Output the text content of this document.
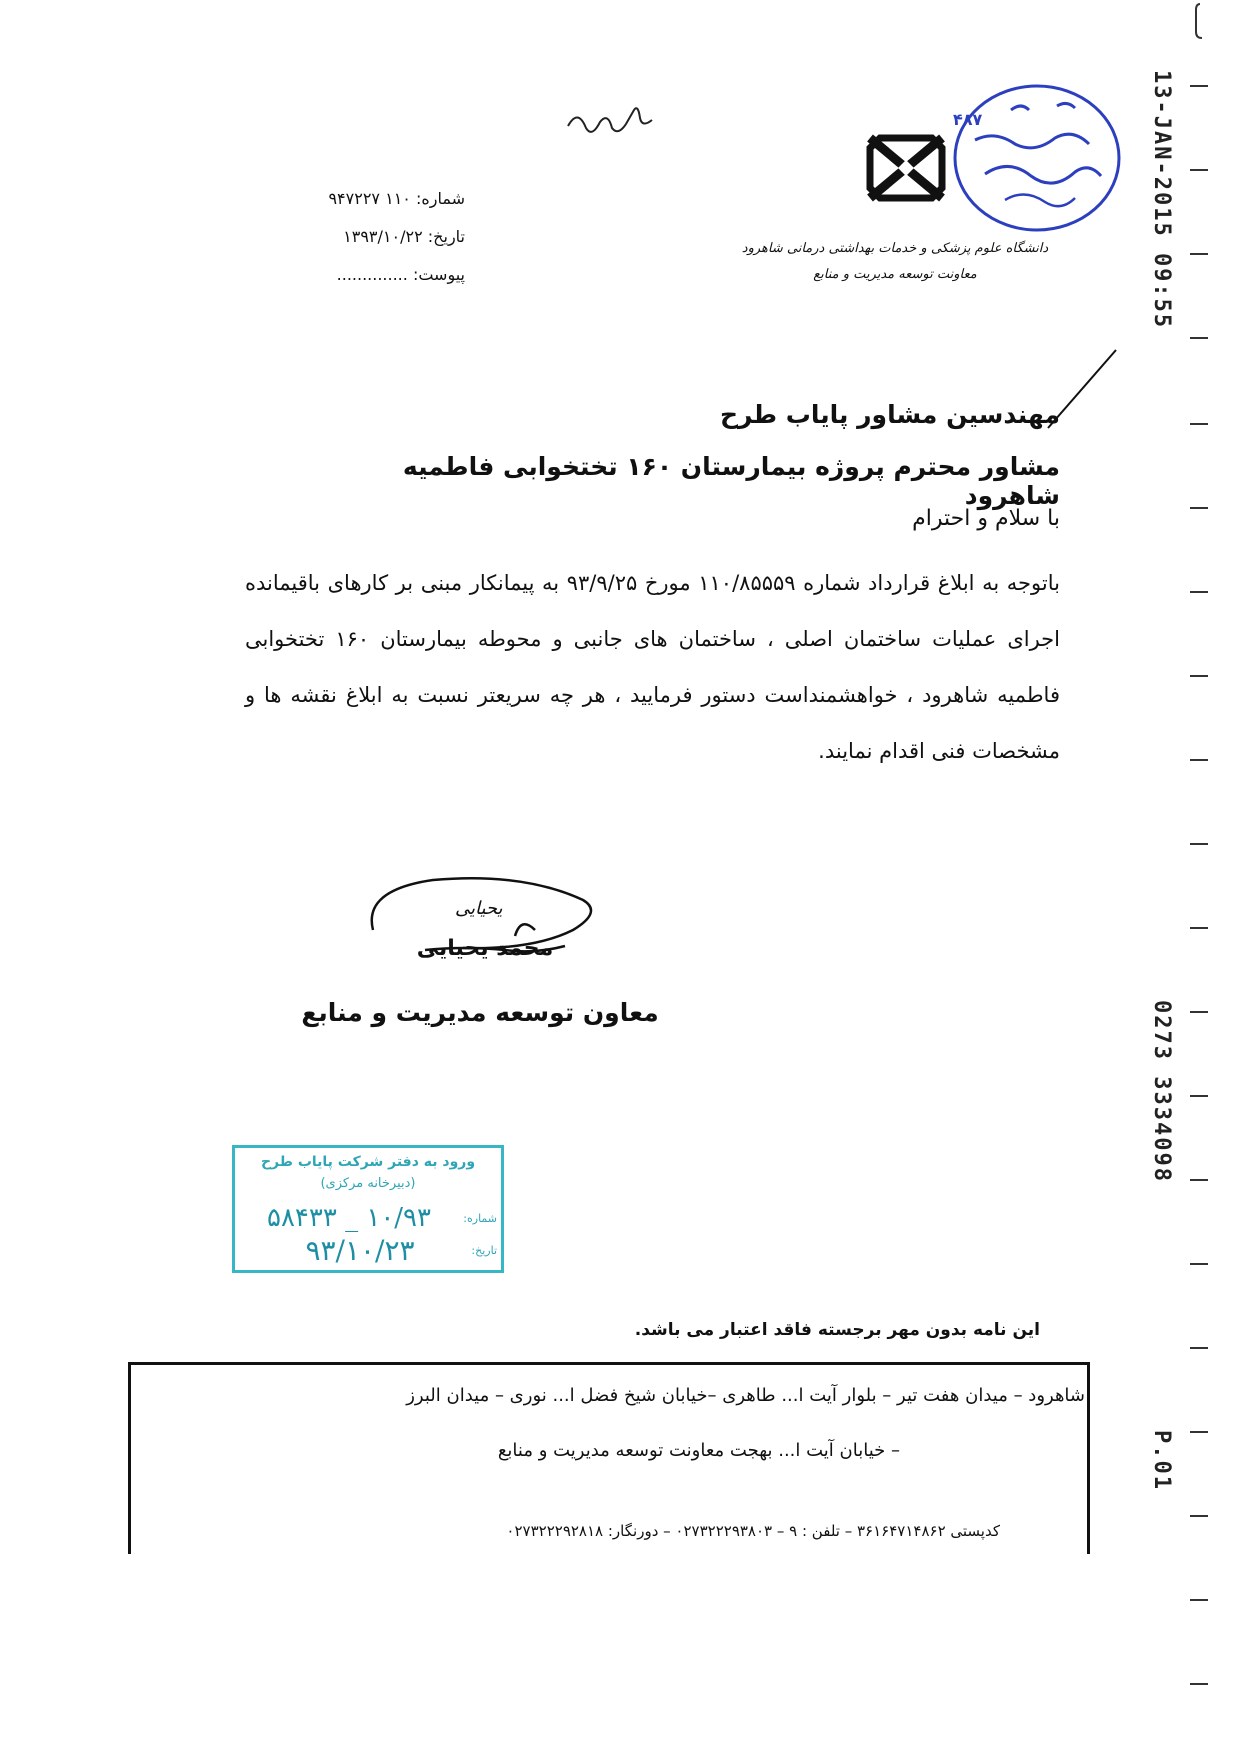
شماره: ۱۱۰ ۹۴۷۲۲۷
تاریخ: ۱۳۹۳/۱۰/۲۲
پیوست: ..............
دانشگاه علوم پزشکی و خدمات بهداشتی درمانی شاهرود
معاونت توسعه مدیریت و منابع
۴۸۷	13-JAN-2015 09:55
0273 3334098
P.01
مهندسین مشاور پایاب طرح
مشاور محترم پروژه بیمارستان ۱۶۰ تختخوابی فاطمیه شاهرود
با سلام و احترام
باتوجه به ابلاغ قرارداد شماره ۱۱۰/۸۵۵۵۹ مورخ ۹۳/۹/۲۵ به پیمانکار مبنی بر کارهای باقیمانده اجرای عملیات ساختمان اصلی ، ساختمان های جانبی و محوطه بیمارستان ۱۶۰ تختخوابی فاطمیه شاهرود ، خواهشمنداست دستور فرمایید ، هر چه سریعتر نسبت به ابلاغ نقشه ها و مشخصات فنی اقدام نمایند.
یحیایی
محمد یحیایی
معاون توسعه مدیریت و منابع
ورود به دفتر شرکت پایاب طرح
(دبیرخانه مرکزی)
شماره:
تاریخ:
۱۰/۹۳ _ ۵۸۴۳۳
۹۳/۱۰/۲۳
این نامه بدون مهر برجسته فاقد اعتبار می باشد.
شاهرود – میدان هفت تیر – بلوار آیت ا... طاهری –خیابان شیخ فضل ا... نوری – میدان البرز
– خیابان آیت ا... بهجت معاونت توسعه مدیریت و منابع
کدپستی ۳۶۱۶۴۷۱۴۸۶۲ – تلفن : ۹ – ۰۲۷۳۲۲۲۹۳۸۰۳ – دورنگار: ۰۲۷۳۲۲۲۹۲۸۱۸
